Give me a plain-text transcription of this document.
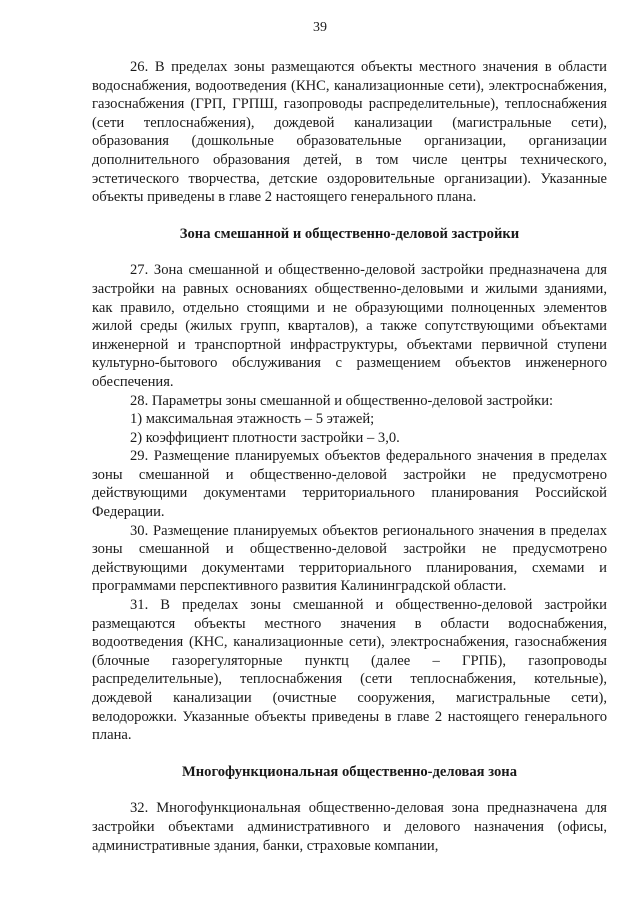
39

26. В пределах зоны размещаются объекты местного значения в области водоснабжения, водоотведения (КНС, канализационные сети), электроснабжения, газоснабжения (ГРП, ГРПШ, газопроводы распределительные), теплоснабжения (сети теплоснабжения), дождевой канализации (магистральные сети), образования (дошкольные образовательные организации, организации дополнительного образования детей, в том числе центры технического, эстетического творчества, детские оздоровительные организации). Указанные объекты приведены в главе 2 настоящего генерального плана.

Зона смешанной и общественно-деловой застройки

27. Зона смешанной и общественно-деловой застройки предназначена для застройки на равных основаниях общественно-деловыми и жилыми зданиями, как правило, отдельно стоящими и не образующими полноценных элементов жилой среды (жилых групп, кварталов), а также сопутствующими объектами инженерной и транспортной инфраструктуры, объектами первичной ступени культурно-бытового обслуживания с размещением объектов инженерного обеспечения.

28. Параметры зоны смешанной и общественно-деловой застройки:

1) максимальная этажность – 5 этажей;

2) коэффициент плотности застройки – 3,0.

29. Размещение планируемых объектов федерального значения в пределах зоны смешанной и общественно-деловой застройки не предусмотрено действующими документами территориального планирования Российской Федерации.

30. Размещение планируемых объектов регионального значения в пределах зоны смешанной и общественно-деловой застройки не предусмотрено действующими документами территориального планирования, схемами и программами перспективного развития Калининградской области.

31. В пределах зоны смешанной и общественно-деловой застройки размещаются объекты местного значения в области водоснабжения, водоотведения (КНС, канализационные сети), электроснабжения, газоснабжения (блочные газорегуляторные пунктц (далее – ГРПБ), газопроводы распределительные), теплоснабжения (сети теплоснабжения, котельные), дождевой канализации (очистные сооружения, магистральные сети), велодорожки. Указанные объекты приведены в главе 2 настоящего генерального плана.

Многофункциональная общественно-деловая зона

32. Многофункциональная общественно-деловая зона предназначена для застройки объектами административного и делового назначения (офисы, административные здания, банки, страховые компании,
